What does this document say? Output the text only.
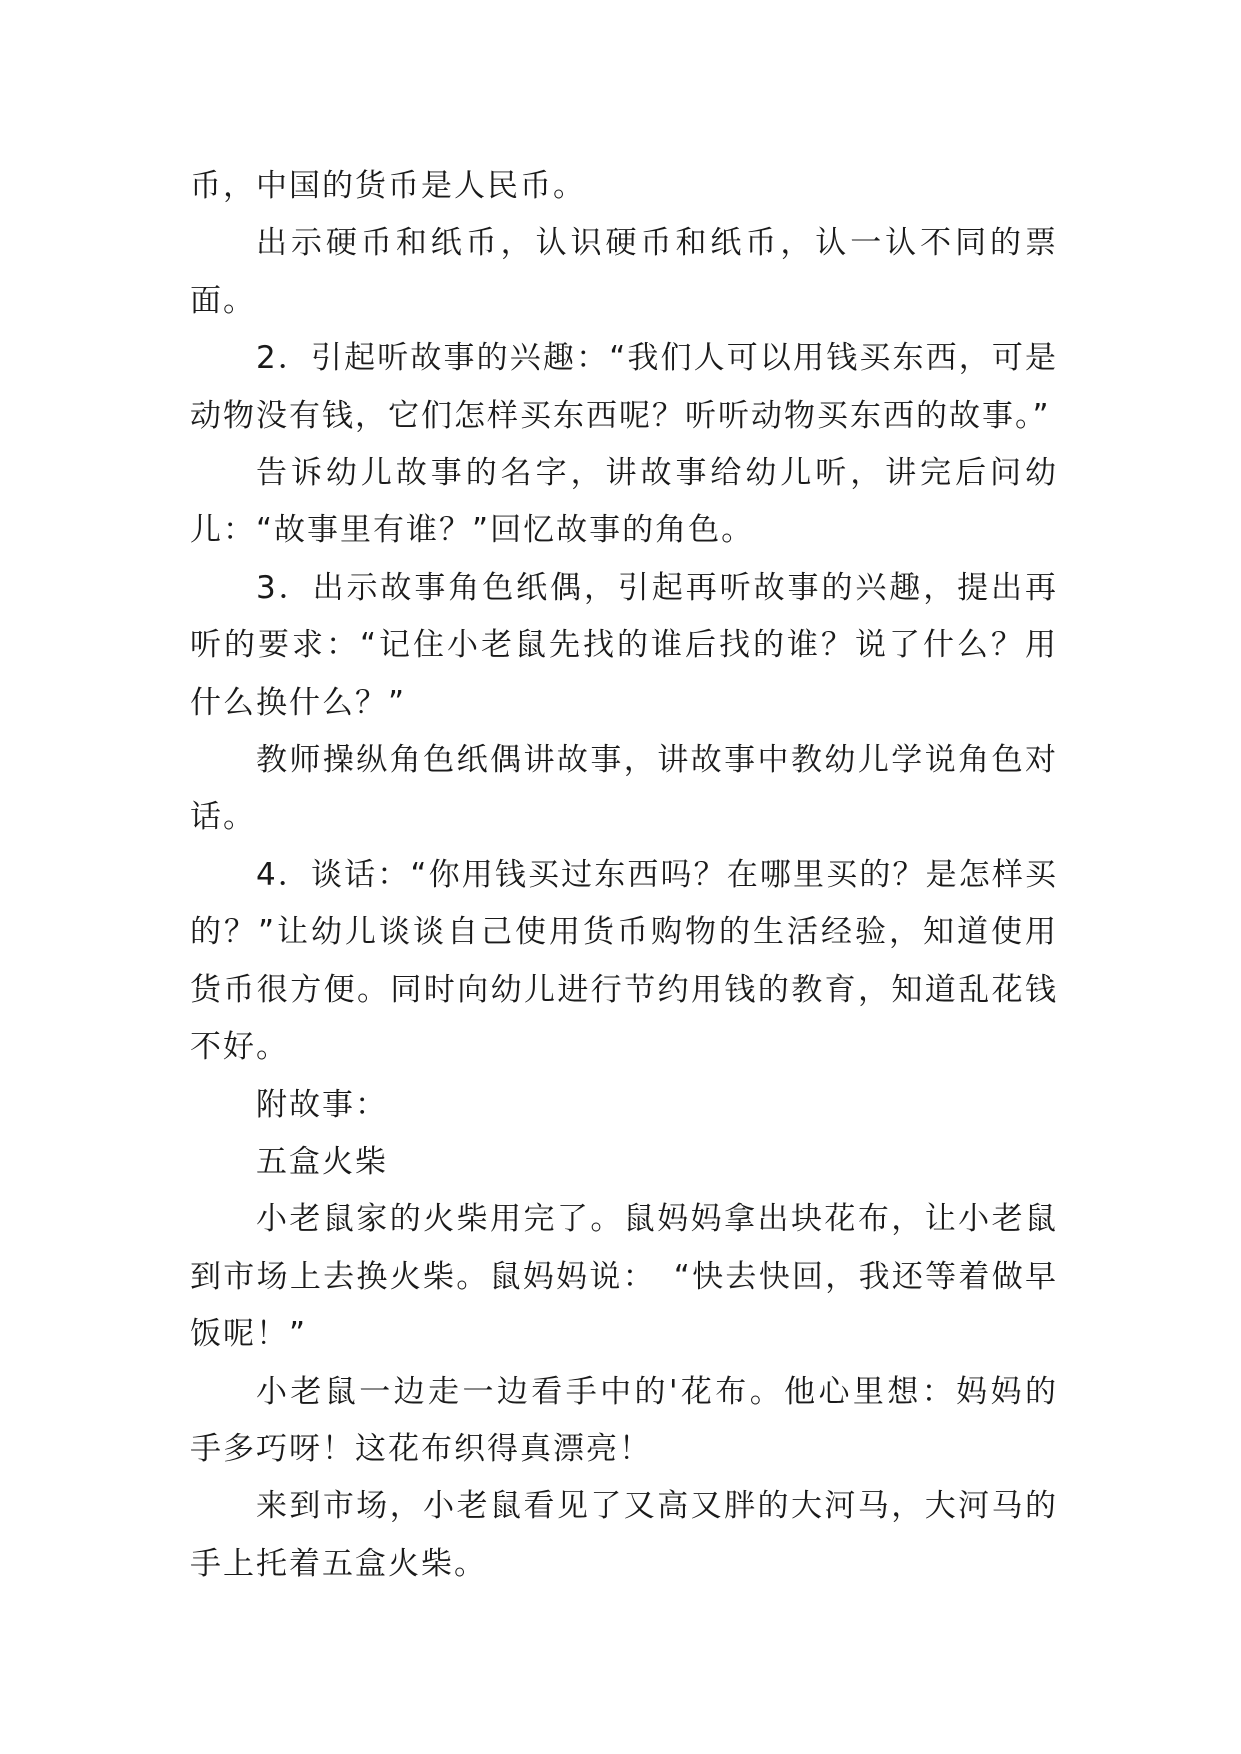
币，中国的货币是人民币。

出示硬币和纸币，认识硬币和纸币，认一认不同的票面。

2．引起听故事的兴趣：“我们人可以用钱买东西，可是动物没有钱，它们怎样买东西呢？听听动物买东西的故事。”

告诉幼儿故事的名字，讲故事给幼儿听，讲完后问幼儿：“故事里有谁？”回忆故事的角色。

3．出示故事角色纸偶，引起再听故事的兴趣，提出再听的要求：“记住小老鼠先找的谁后找的谁？说了什么？用什么换什么？”

教师操纵角色纸偶讲故事，讲故事中教幼儿学说角色对话。

4．谈话：“你用钱买过东西吗？在哪里买的？是怎样买的？”让幼儿谈谈自己使用货币购物的生活经验，知道使用货币很方便。同时向幼儿进行节约用钱的教育，知道乱花钱不好。

附故事：

五盒火柴

小老鼠家的火柴用完了。鼠妈妈拿出块花布，让小老鼠到市场上去换火柴。鼠妈妈说：　“快去快回，我还等着做早饭呢！”

小老鼠一边走一边看手中的'花布。他心里想：妈妈的手多巧呀！这花布织得真漂亮！

来到市场，小老鼠看见了又高又胖的大河马，大河马的手上托着五盒火柴。
